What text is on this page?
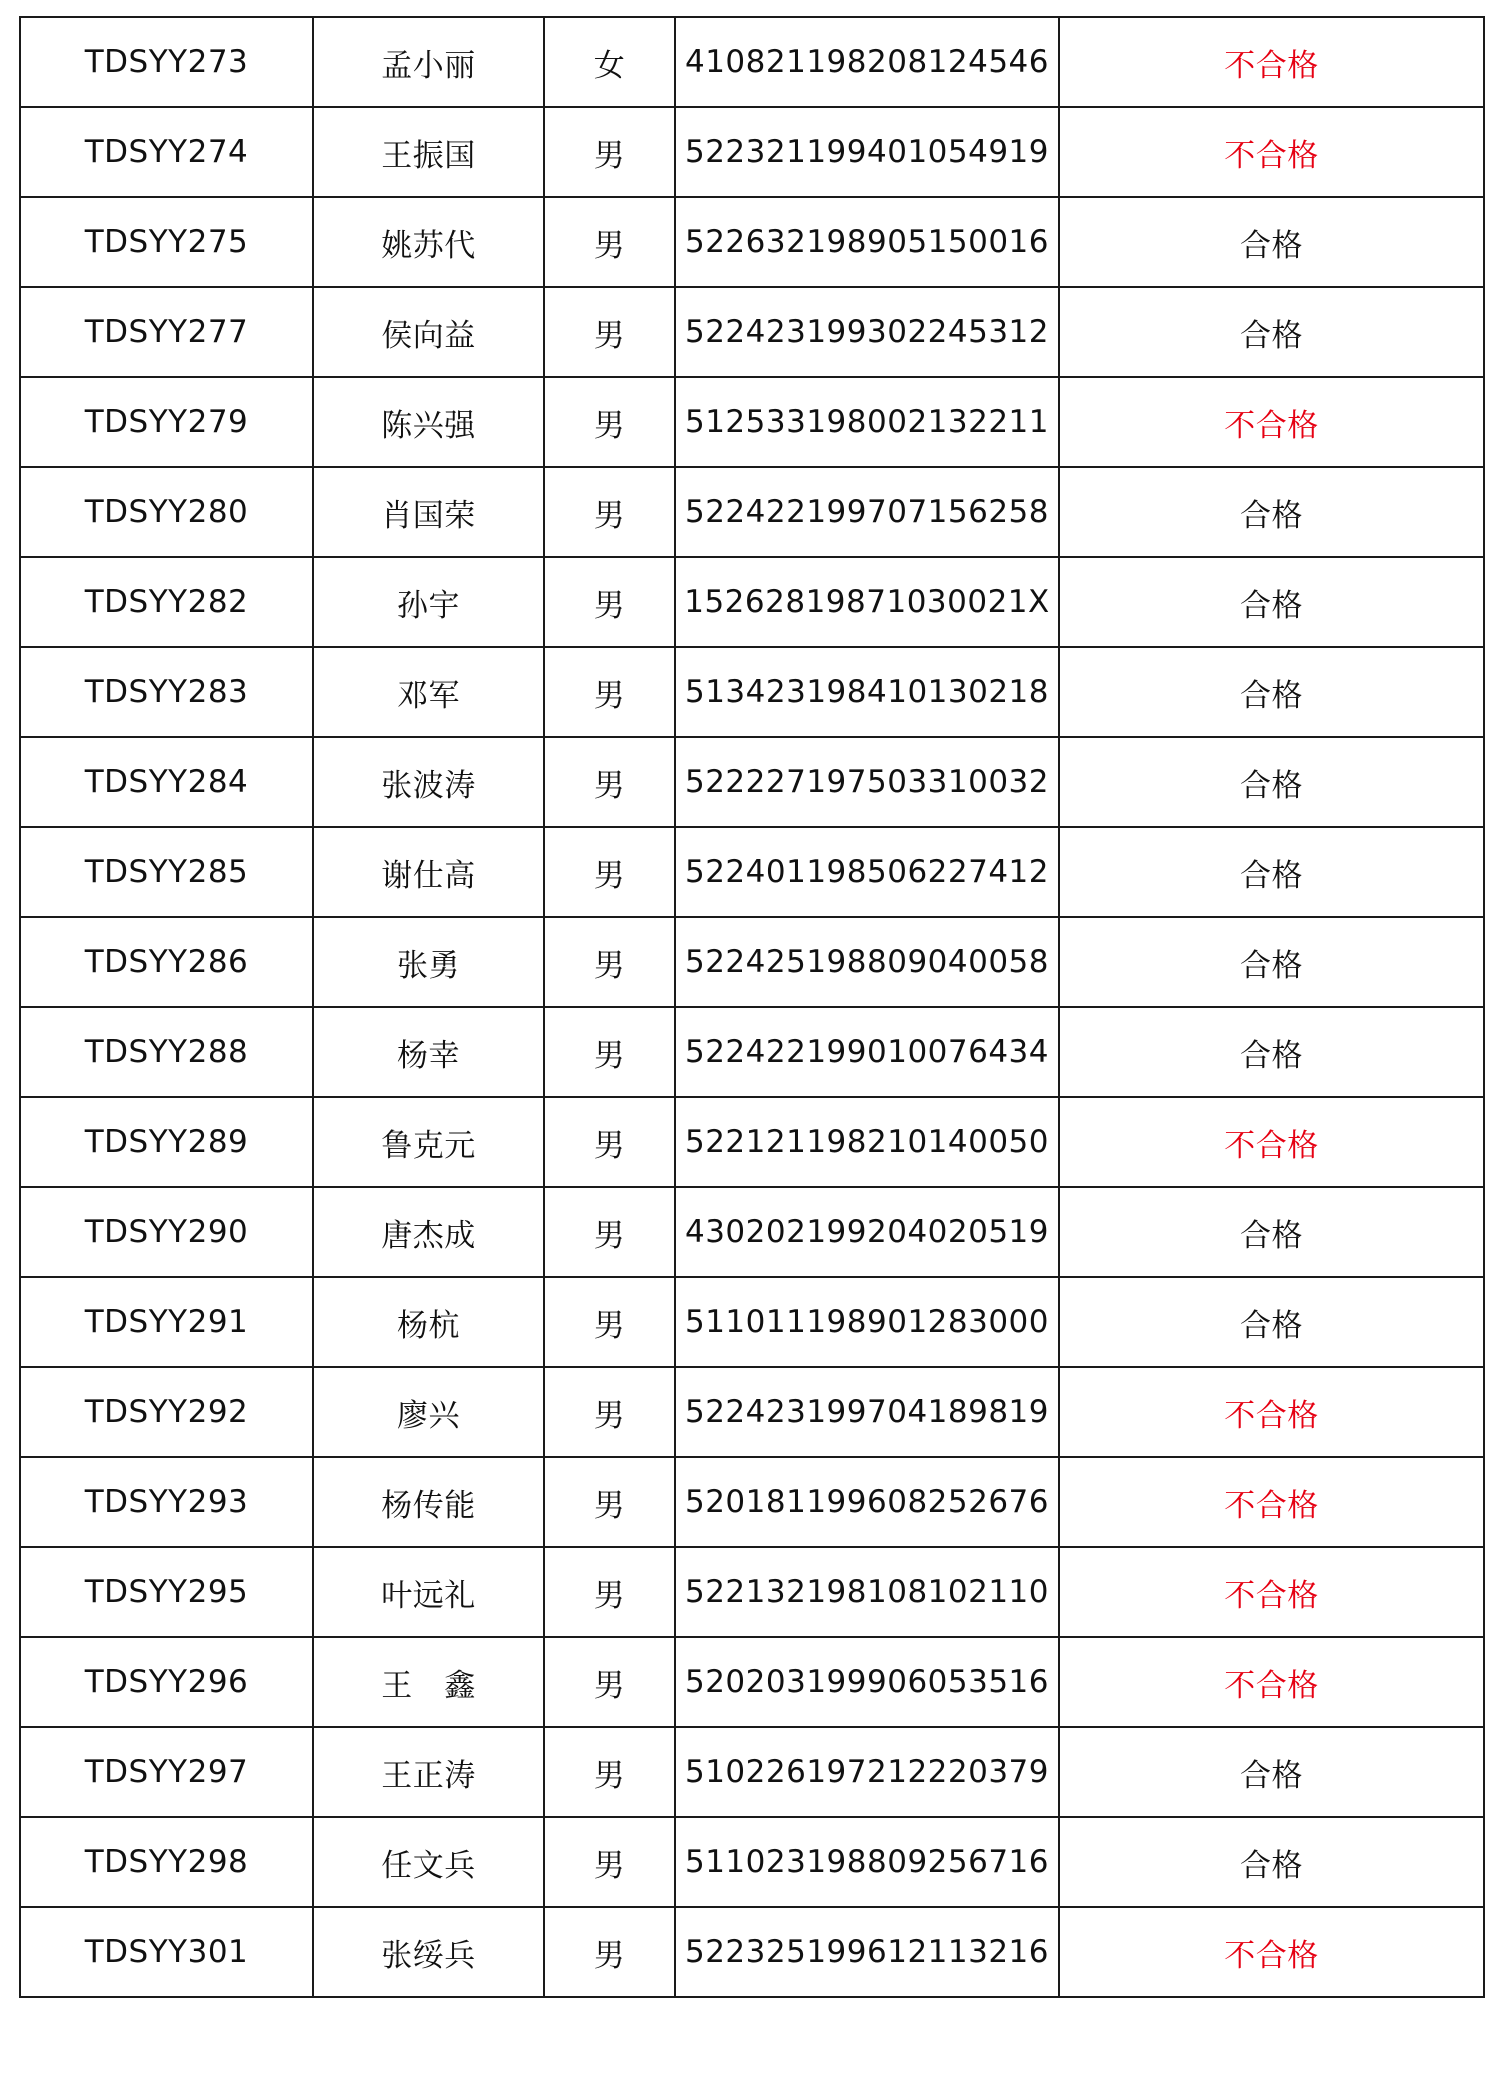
TDSYY273	孟小丽	女	410821198208124546	不合格
TDSYY274	王振国	男	522321199401054919	不合格
TDSYY275	姚苏代	男	522632198905150016	合格
TDSYY277	侯向益	男	522423199302245312	合格
TDSYY279	陈兴强	男	512533198002132211	不合格
TDSYY280	肖国荣	男	522422199707156258	合格
TDSYY282	孙宇	男	15262819871030021X	合格
TDSYY283	邓军	男	513423198410130218	合格
TDSYY284	张波涛	男	522227197503310032	合格
TDSYY285	谢仕高	男	522401198506227412	合格
TDSYY286	张勇	男	522425198809040058	合格
TDSYY288	杨幸	男	522422199010076434	合格
TDSYY289	鲁克元	男	522121198210140050	不合格
TDSYY290	唐杰成	男	430202199204020519	合格
TDSYY291	杨杭	男	511011198901283000	合格
TDSYY292	廖兴	男	522423199704189819	不合格
TDSYY293	杨传能	男	520181199608252676	不合格
TDSYY295	叶远礼	男	522132198108102110	不合格
TDSYY296	王　鑫	男	520203199906053516	不合格
TDSYY297	王正涛	男	510226197212220379	合格
TDSYY298	任文兵	男	511023198809256716	合格
TDSYY301	张绥兵	男	522325199612113216	不合格
